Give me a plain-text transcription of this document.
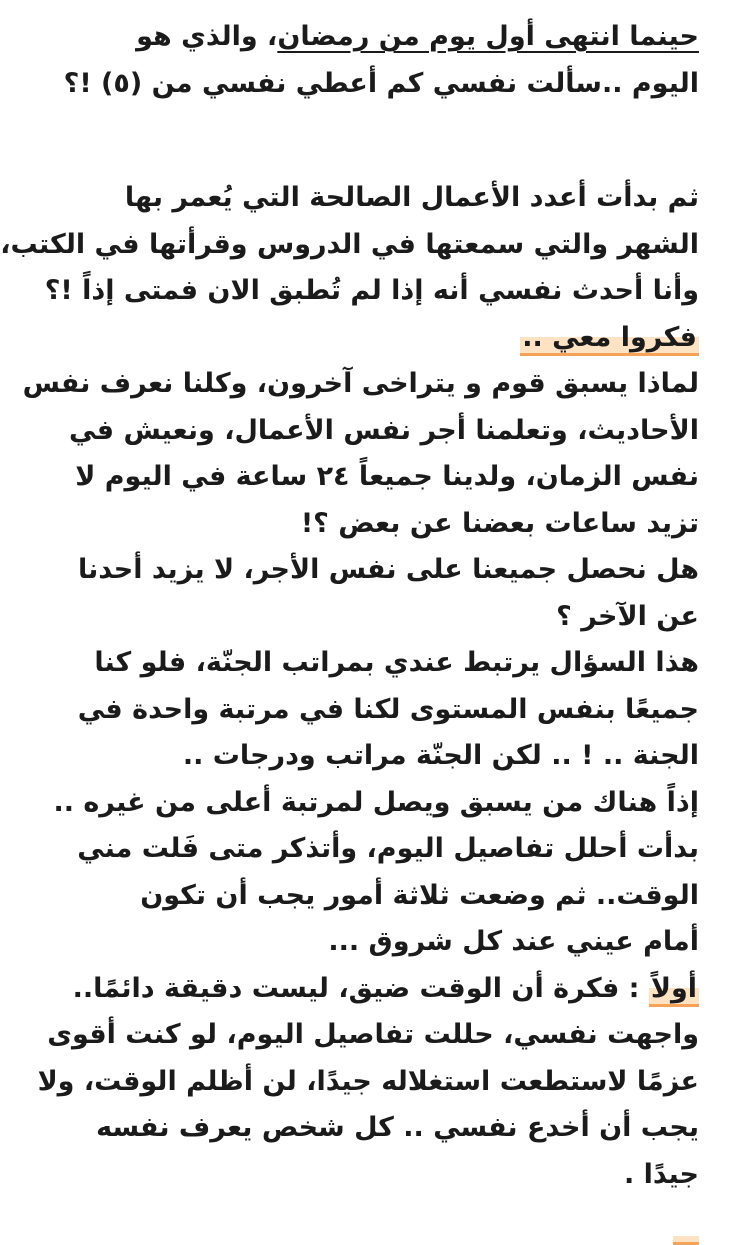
حينما انتهى أول يوم من رمضان، والذي هو
اليوم ..سألت نفسي كم أعطي نفسي من (٥) !؟
ثم بدأت أعدد الأعمال الصالحة التي يُعمر بها
الشهر والتي سمعتها في الدروس وقرأتها في الكتب،
وأنا أحدث نفسي أنه إذا لم تُطبق الان فمتى إذاً !؟
فكروا معي ..
لماذا يسبق قوم و يتراخى آخرون، وكلنا نعرف نفس
الأحاديث، وتعلمنا أجر نفس الأعمال، ونعيش في
نفس الزمان، ولدينا جميعاً ٢٤ ساعة في اليوم لا
تزيد ساعات بعضنا عن بعض ؟!
هل نحصل جميعنا على نفس الأجر، لا يزيد أحدنا
عن الآخر ؟
هذا السؤال يرتبط عندي بمراتب الجنّة، فلو كنا
جميعًا بنفس المستوى لكنا في مرتبة واحدة في
الجنة .. ! .. لكن الجنّة مراتب ودرجات ..
إذاً هناك من يسبق ويصل لمرتبة أعلى من غيره ..
بدأت أحلل تفاصيل اليوم، وأتذكر متى فَلت مني
الوقت.. ثم وضعت ثلاثة أمور يجب أن تكون
أمام عيني عند كل شروق ...
أولاً : فكرة أن الوقت ضيق، ليست دقيقة دائمًا..
واجهت نفسي، حللت تفاصيل اليوم، لو كنت أقوى
عزمًا لاستطعت استغلاله جيدًا، لن أظلم الوقت، ولا
يجب أن أخدع نفسي .. كل شخص يعرف نفسه
جيدًا .
